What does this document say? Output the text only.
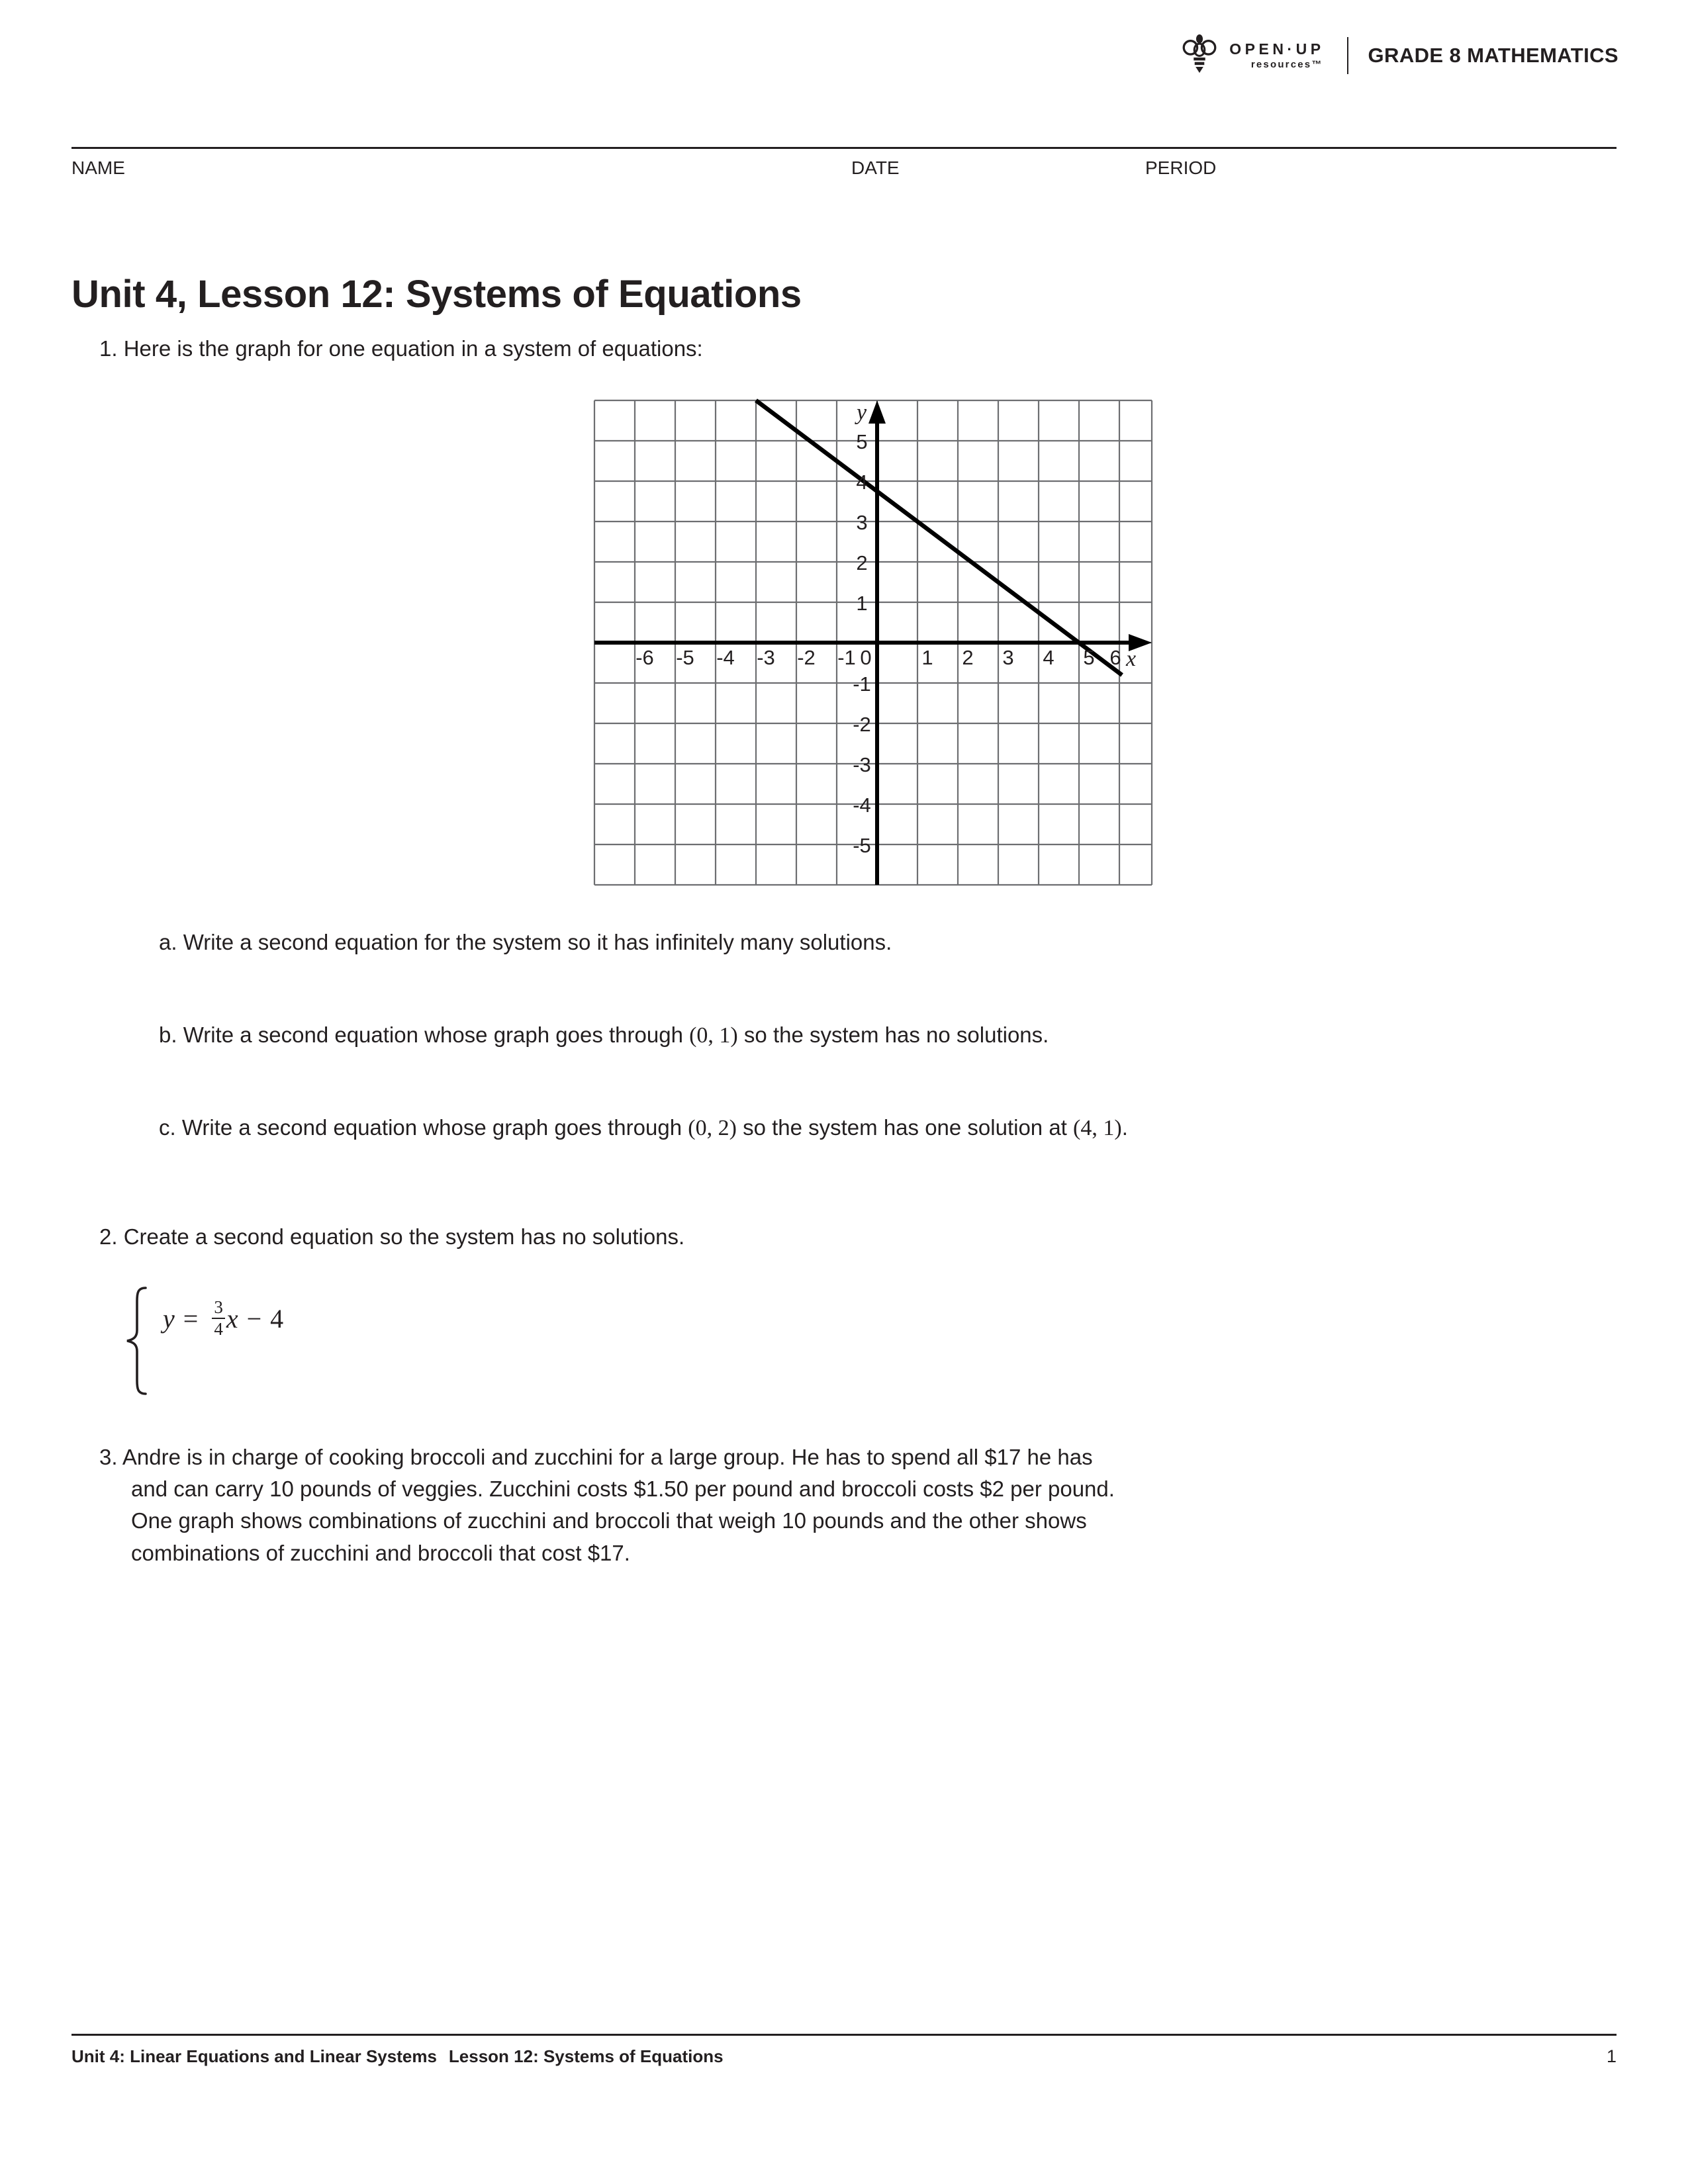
OPEN·UP
resources™ GRADE 8 MATHEMATICS
NAME	DATE	PERIOD
Unit 4, Lesson 12: Systems of Equations
1. Here is the graph for one equation in a system of equations:
y
x
-6 -5 -4 -3 -2 -1 0 1 2 3 4 5 6
5
4
3
2
1
-1
-2
-3
-4
-5
a. Write a second equation for the system so it has infinitely many solutions.
b. Write a second equation whose graph goes through (0, 1) so the system has no solutions.
c. Write a second equation whose graph goes through (0, 2) so the system has one solution at (4, 1).
2. Create a second equation so the system has no solutions.
$y = \frac{3}{4}$ x − 4
3. Andre is in charge of cooking broccoli and zucchini for a large group. He has to spend all $17 he has
and can carry 10 pounds of veggies. Zucchini costs $1.50 per pound and broccoli costs $2 per pound.
One graph shows combinations of zucchini and broccoli that weigh 10 pounds and the other shows
combinations of zucchini and broccoli that cost $17.
Unit 4: Linear Equations and Linear Systems Lesson 12: Systems of Equations	1
